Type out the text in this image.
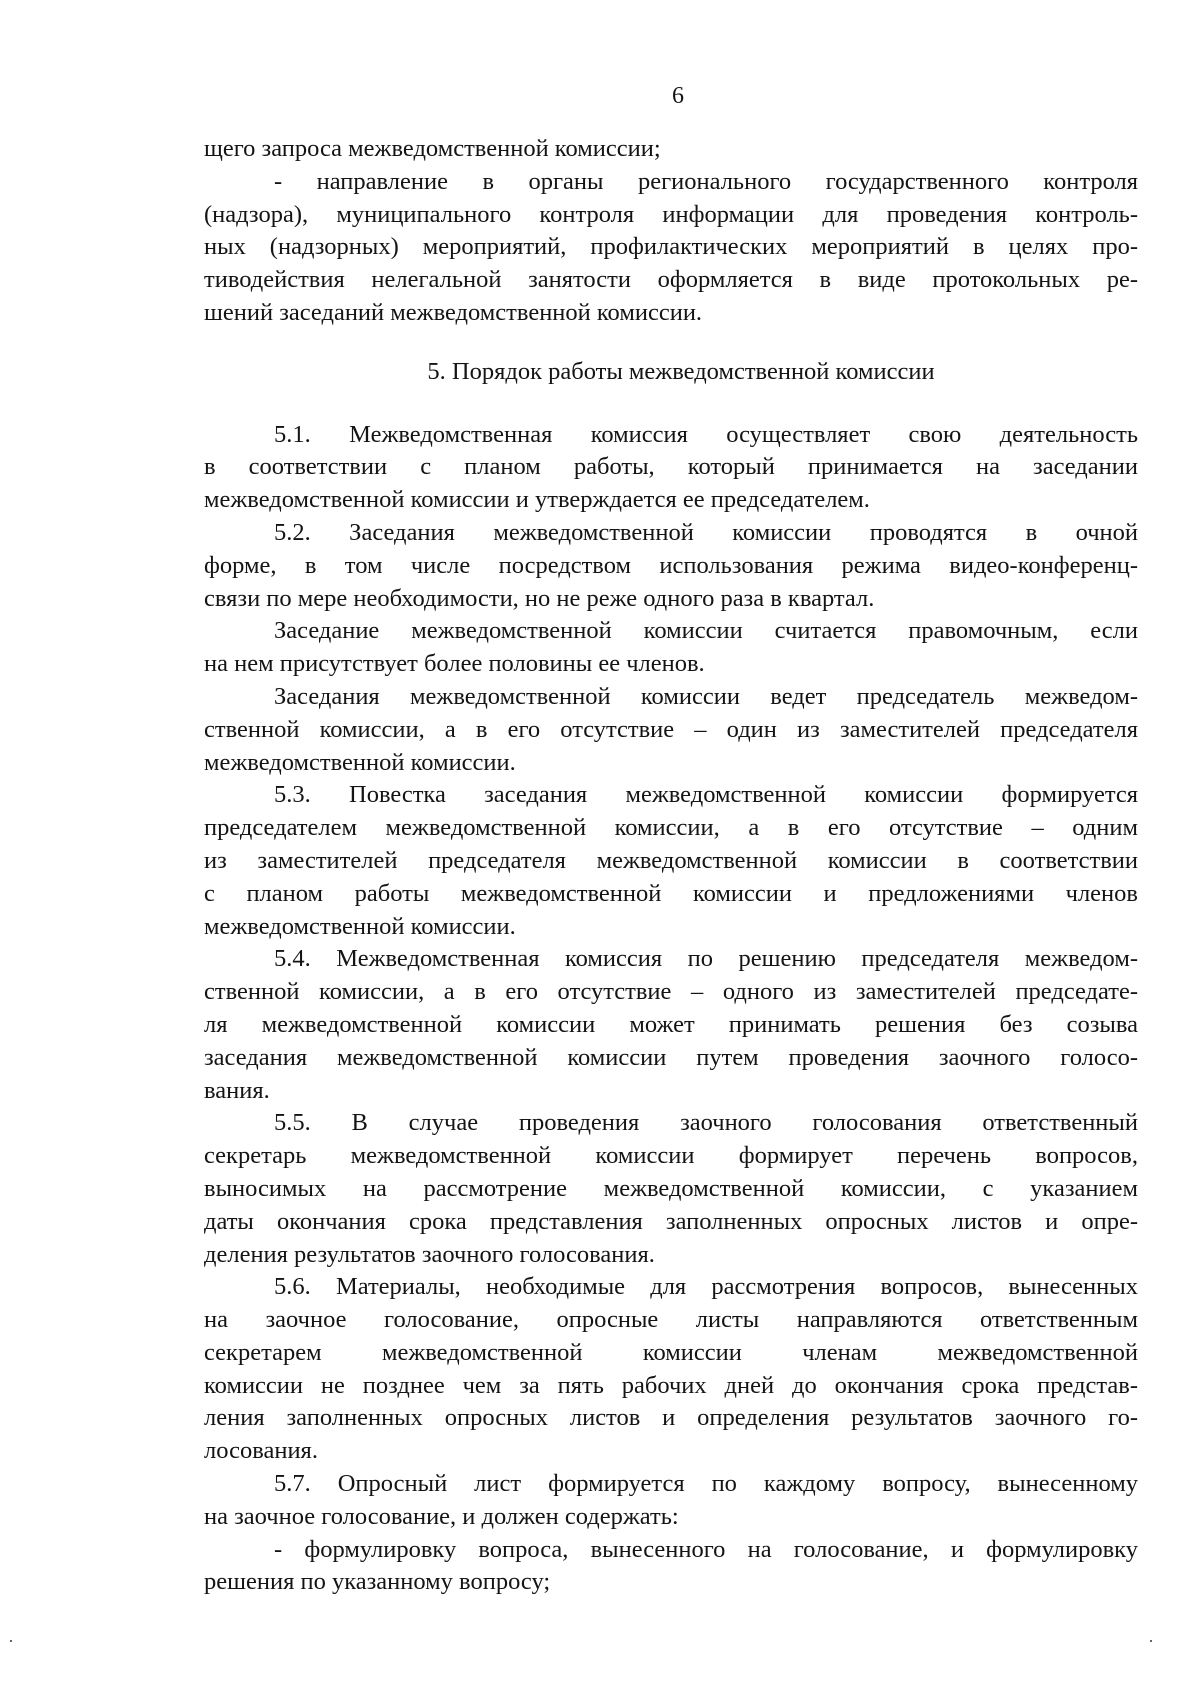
6
щего запроса межведомственной комиссии;
- направление в органы регионального государственного контроля
(надзора), муниципального контроля информации для проведения контроль-
ных (надзорных) мероприятий, профилактических мероприятий в целях про-
тиводействия нелегальной занятости оформляется в виде протокольных ре-
шений заседаний межведомственной комиссии.
5. Порядок работы межведомственной комиссии
5.1. Межведомственная комиссия осуществляет свою деятельность
в соответствии с планом работы, который принимается на заседании
межведомственной комиссии и утверждается ее председателем.
5.2. Заседания межведомственной комиссии проводятся в очной
форме, в том числе посредством использования режима видео-конференц-
связи по мере необходимости, но не реже одного раза в квартал.
Заседание межведомственной комиссии считается правомочным, если
на нем присутствует более половины ее членов.
Заседания межведомственной комиссии ведет председатель межведом-
ственной комиссии, а в его отсутствие – один из заместителей председателя
межведомственной комиссии.
5.3. Повестка заседания межведомственной комиссии формируется
председателем межведомственной комиссии, а в его отсутствие – одним
из заместителей председателя межведомственной комиссии в соответствии
с планом работы межведомственной комиссии и предложениями членов
межведомственной комиссии.
5.4. Межведомственная комиссия по решению председателя межведом-
ственной комиссии, а в его отсутствие – одного из заместителей председате-
ля межведомственной комиссии может принимать решения без созыва
заседания межведомственной комиссии путем проведения заочного голосо-
вания.
5.5. В случае проведения заочного голосования ответственный
секретарь межведомственной комиссии формирует перечень вопросов,
выносимых на рассмотрение межведомственной комиссии, с указанием
даты окончания срока представления заполненных опросных листов и опре-
деления результатов заочного голосования.
5.6. Материалы, необходимые для рассмотрения вопросов, вынесенных
на заочное голосование, опросные листы направляются ответственным
секретарем межведомственной комиссии членам межведомственной
комиссии не позднее чем за пять рабочих дней до окончания срока представ-
ления заполненных опросных листов и определения результатов заочного го-
лосования.
5.7. Опросный лист формируется по каждому вопросу, вынесенному
на заочное голосование, и должен содержать:
- формулировку вопроса, вынесенного на голосование, и формулировку
решения по указанному вопросу;
